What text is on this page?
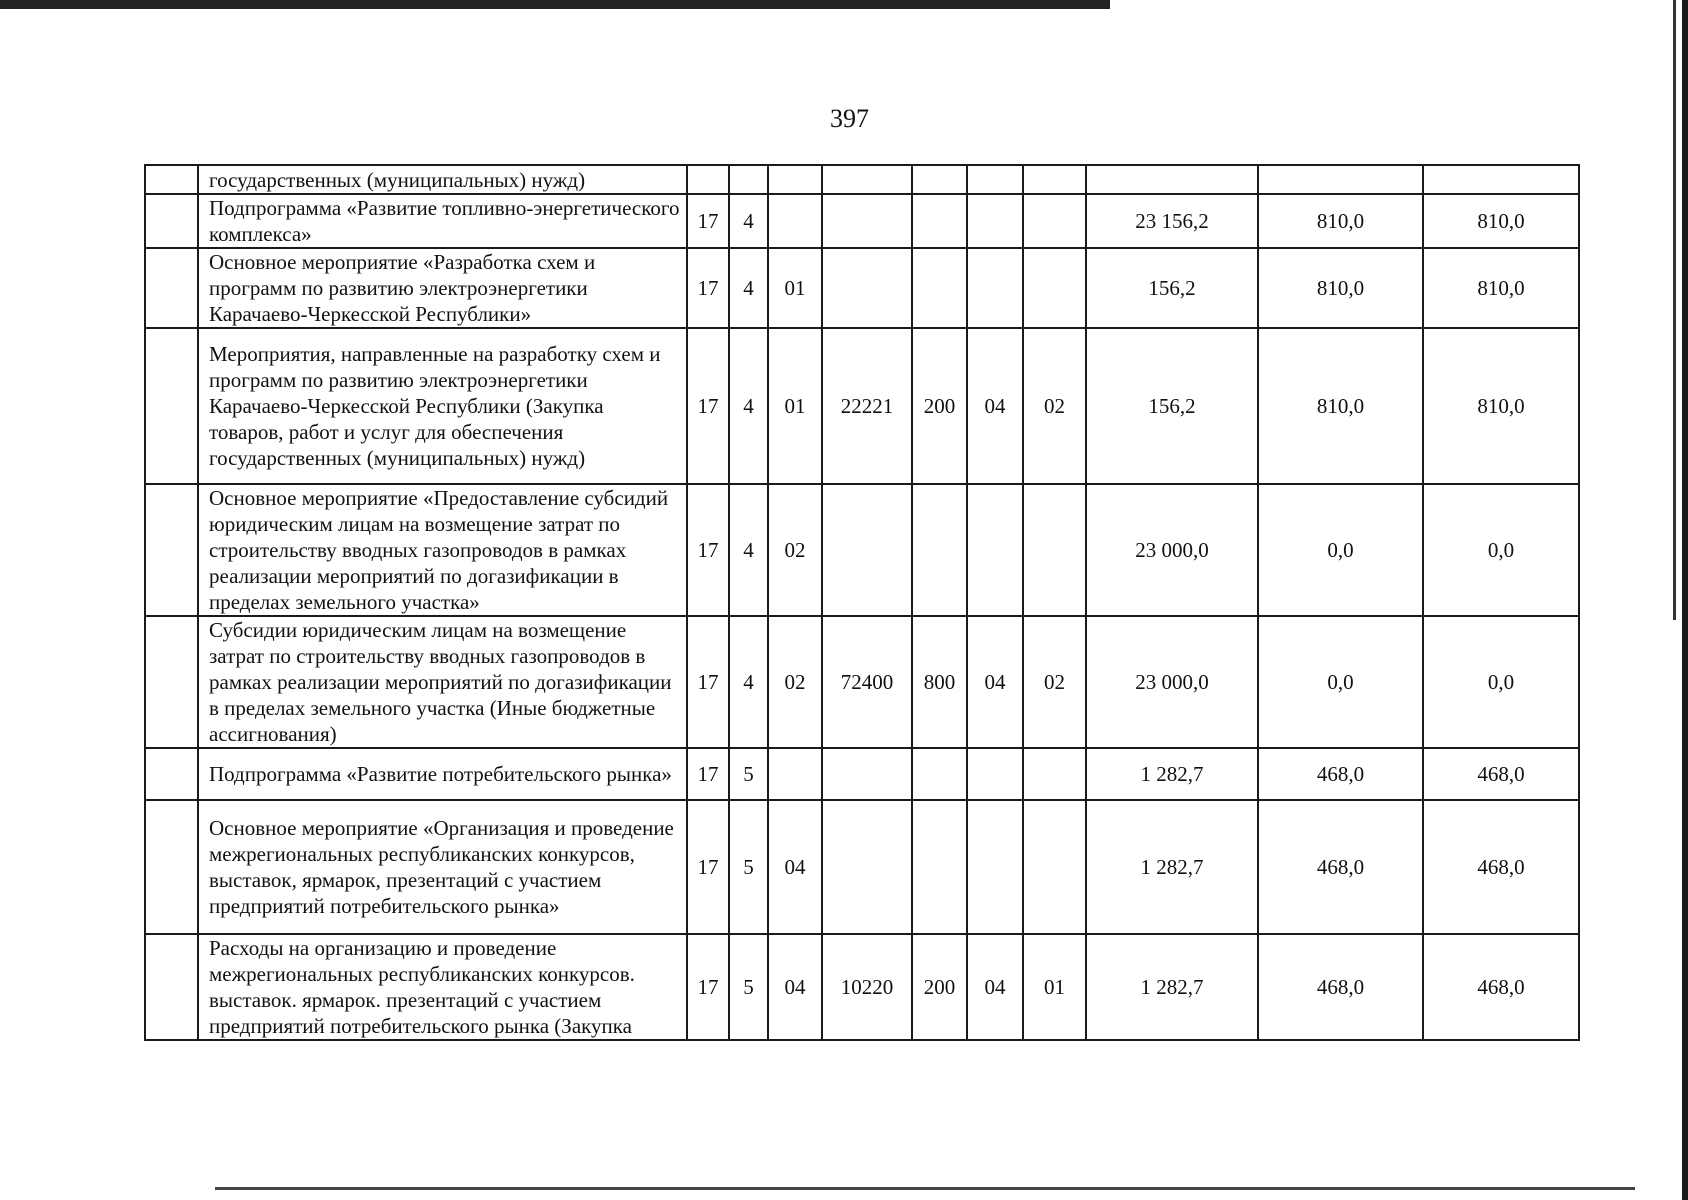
397
	государственных (муниципальных) нужд)										
	Подпрограмма «Развитие топливно-энергетического комплекса»	17	4						23 156,2	810,0	810,0
	Основное мероприятие «Разработка схем и программ по развитию электроэнергетики Карачаево-Черкесской Республики»	17	4	01					156,2	810,0	810,0
	Мероприятия, направленные на разработку схем и программ по развитию электроэнергетики Карачаево-Черкесской Республики (Закупка товаров, работ и услуг для обеспечения государственных (муниципальных) нужд)	17	4	01	22221	200	04	02	156,2	810,0	810,0
	Основное мероприятие «Предоставление субсидий юридическим лицам на возмещение затрат по строительству вводных газопроводов в рамках реализации мероприятий по догазификации в пределах земельного участка»	17	4	02					23 000,0	0,0	0,0
	Субсидии юридическим лицам на возмещение затрат по строительству вводных газопроводов в рамках реализации мероприятий по догазификации в пределах земельного участка (Иные бюджетные ассигнования)	17	4	02	72400	800	04	02	23 000,0	0,0	0,0
	Подпрограмма «Развитие потребительского рынка»	17	5						1 282,7	468,0	468,0
	Основное мероприятие «Организация и проведение межрегиональных республиканских конкурсов, выставок, ярмарок, презентаций с участием предприятий потребительского рынка»	17	5	04					1 282,7	468,0	468,0
	Расходы на организацию и проведение межрегиональных республиканских конкурсов. выставок. ярмарок. презентаций с участием предприятий потребительского рынка (Закупка	17	5	04	10220	200	04	01	1 282,7	468,0	468,0
